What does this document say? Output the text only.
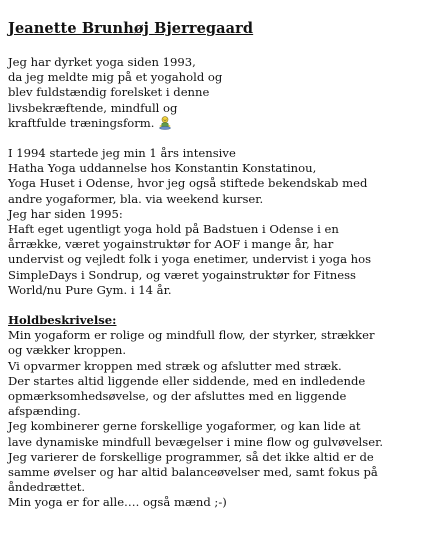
Jeanette Brunhøj Bjerregaard
Jeg har dyrket yoga siden 1993,
da jeg meldte mig på et yogahold og
blev fuldstændig forelsket i denne
livsbekræftende, mindfull og
kraftfulde træningsform.
I 1994 startede jeg min 1 års intensive
Hatha Yoga uddannelse hos Konstantin Konstatinou,
Yoga Huset i Odense, hvor jeg også stiftede bekendskab med
andre yogaformer, bla. via weekend kurser.
Jeg har siden 1995:
Haft eget ugentligt yoga hold på Badstuen i Odense i en
årrække, været yogainstruktør for AOF i mange år, har
undervist og vejledt folk i yoga enetimer, undervist i yoga hos
SimpleDays i Sondrup, og været yogainstruktør for Fitness
World/nu Pure Gym. i 14 år.
Holdbeskrivelse:
Min yogaform er rolige og mindfull flow, der styrker, strækker
og vækker kroppen.
Vi opvarmer kroppen med stræk og afslutter med stræk.
Der startes altid liggende eller siddende, med en indledende
opmærksomhedsøvelse, og der afsluttes med en liggende
afspænding.
Jeg kombinerer gerne forskellige yogaformer, og kan lide at
lave dynamiske mindfull bevægelser i mine flow og gulvøvelser.
Jeg varierer de forskellige programmer, så det ikke altid er de
samme øvelser og har altid balanceøvelser med, samt fokus på
åndedrættet.
Min yoga er for alle…. også mænd ;-)
